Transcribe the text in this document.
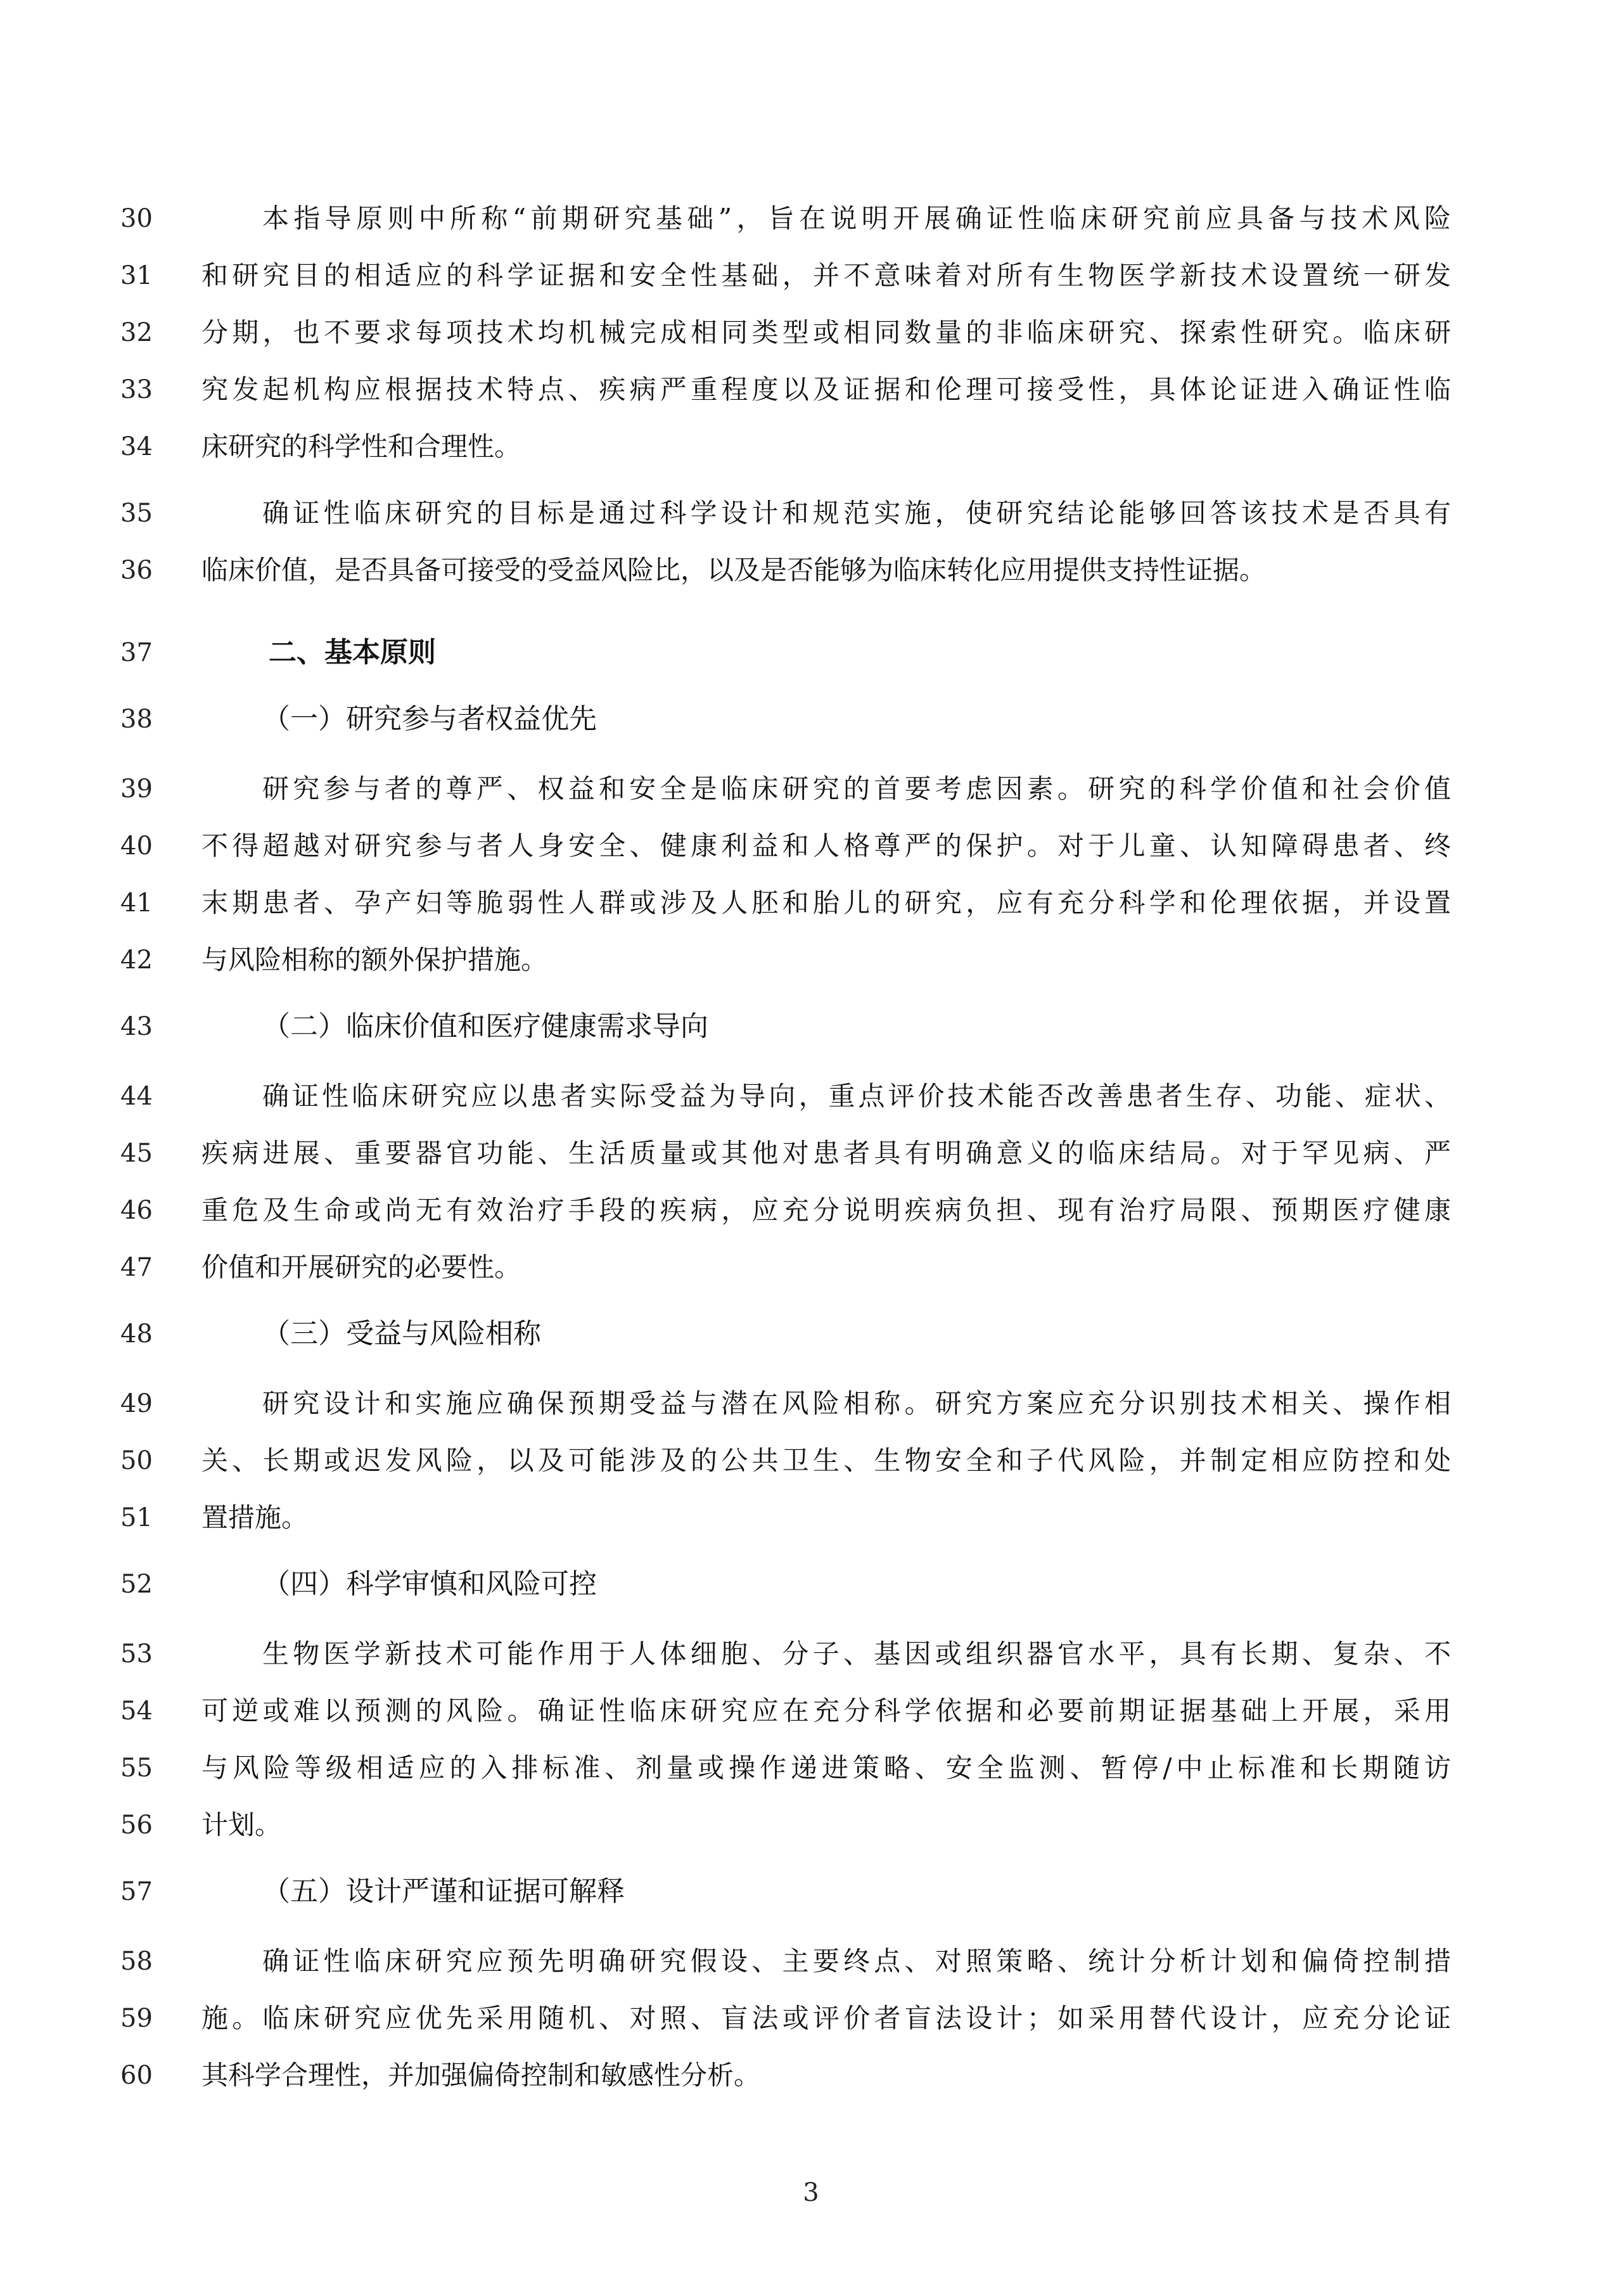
30	本指导原则中所称“前期研究基础”，旨在说明开展确证性临床研究前应具备与技术风险
31	和研究目的相适应的科学证据和安全性基础，并不意味着对所有生物医学新技术设置统一研发
32	分期，也不要求每项技术均机械完成相同类型或相同数量的非临床研究、探索性研究。临床研
33	究发起机构应根据技术特点、疾病严重程度以及证据和伦理可接受性，具体论证进入确证性临
34	床研究的科学性和合理性。
35	确证性临床研究的目标是通过科学设计和规范实施，使研究结论能够回答该技术是否具有
36	临床价值，是否具备可接受的受益风险比，以及是否能够为临床转化应用提供支持性证据。
37	二、基本原则
38	（一）研究参与者权益优先
39	研究参与者的尊严、权益和安全是临床研究的首要考虑因素。研究的科学价值和社会价值
40	不得超越对研究参与者人身安全、健康利益和人格尊严的保护。对于儿童、认知障碍患者、终
41	末期患者、孕产妇等脆弱性人群或涉及人胚和胎儿的研究，应有充分科学和伦理依据，并设置
42	与风险相称的额外保护措施。
43	（二）临床价值和医疗健康需求导向
44	确证性临床研究应以患者实际受益为导向，重点评价技术能否改善患者生存、功能、症状、
45	疾病进展、重要器官功能、生活质量或其他对患者具有明确意义的临床结局。对于罕见病、严
46	重危及生命或尚无有效治疗手段的疾病，应充分说明疾病负担、现有治疗局限、预期医疗健康
47	价值和开展研究的必要性。
48	（三）受益与风险相称
49	研究设计和实施应确保预期受益与潜在风险相称。研究方案应充分识别技术相关、操作相
50	关、长期或迟发风险，以及可能涉及的公共卫生、生物安全和子代风险，并制定相应防控和处
51	置措施。
52	（四）科学审慎和风险可控
53	生物医学新技术可能作用于人体细胞、分子、基因或组织器官水平，具有长期、复杂、不
54	可逆或难以预测的风险。确证性临床研究应在充分科学依据和必要前期证据基础上开展，采用
55	与风险等级相适应的入排标准、剂量或操作递进策略、安全监测、暂停/中止标准和长期随访
56	计划。
57	（五）设计严谨和证据可解释
58	确证性临床研究应预先明确研究假设、主要终点、对照策略、统计分析计划和偏倚控制措
59	施。临床研究应优先采用随机、对照、盲法或评价者盲法设计；如采用替代设计，应充分论证
60	其科学合理性，并加强偏倚控制和敏感性分析。
3
